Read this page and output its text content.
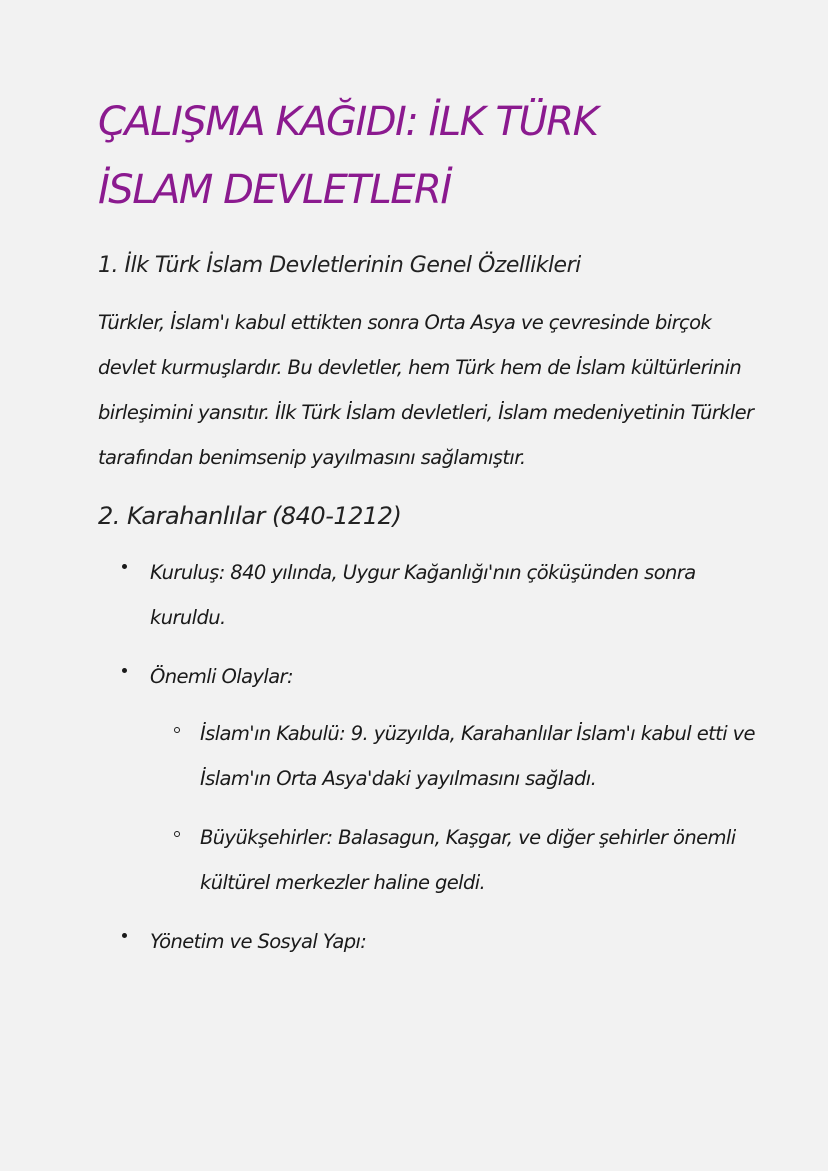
ÇALIŞMA KAĞIDI: İLK TÜRK
İSLAM DEVLETLERİ
1. İlk Türk İslam Devletlerinin Genel Özellikleri

Türkler, İslam'ı kabul ettikten sonra Orta Asya ve çevresinde birçok devlet kurmuşlardır. Bu devletler, hem Türk hem de İslam kültürlerinin birleşimini yansıtır. İlk Türk İslam devletleri, İslam medeniyetinin Türkler tarafından benimsenip yayılmasını sağlamıştır.

2. Karahanlılar (840-1212)
Kuruluş: 840 yılında, Uygur Kağanlığı'nın çöküşünden sonra kuruldu.
Önemli Olaylar:
İslam'ın Kabulü: 9. yüzyılda, Karahanlılar İslam'ı kabul etti ve İslam'ın Orta Asya'daki yayılmasını sağladı.
Büyükşehirler: Balasagun, Kaşgar, ve diğer şehirler önemli kültürel merkezler haline geldi.
Yönetim ve Sosyal Yapı:
